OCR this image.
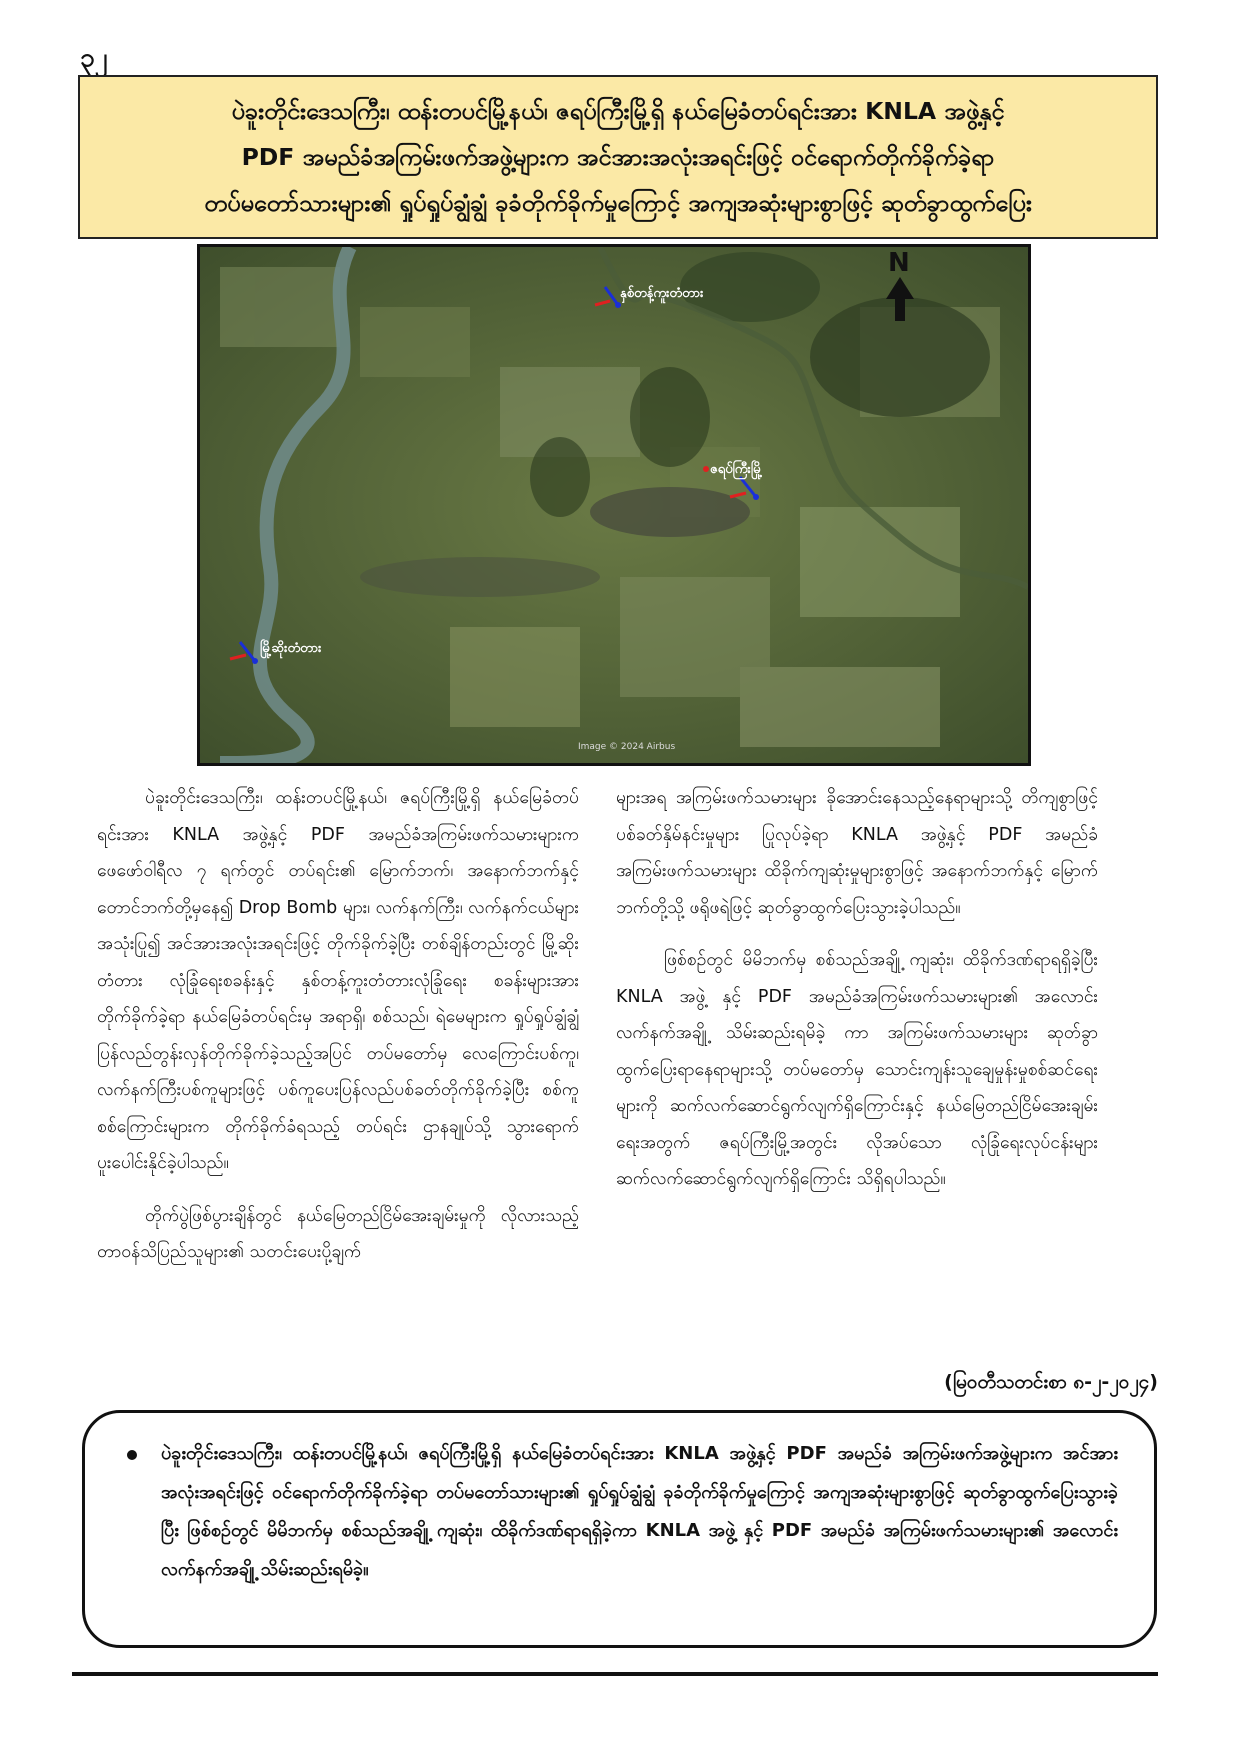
၃၂
ပဲခူးတိုင်းဒေသကြီး၊ ထန်းတပင်မြို့နယ်၊ ဇရပ်ကြီးမြို့ရှိ နယ်မြေခံတပ်ရင်းအား KNLA အဖွဲ့နှင့်
PDF အမည်ခံအကြမ်းဖက်အဖွဲ့များက အင်အားအလုံးအရင်းဖြင့် ဝင်ရောက်တိုက်ခိုက်ခဲ့ရာ
တပ်မတော်သားများ၏ ရှုပ်ရှုပ်ချွံချွံ ခုခံတိုက်ခိုက်မှုကြောင့် အကျအဆုံးများစွာဖြင့် ဆုတ်ခွာထွက်ပြေး
N
နှစ်တန့်ကူးတံတား
ဇရပ်ကြီးမြို့
မြို့ဆိုးတံတား
Image © 2024 Airbus

ပဲခူးတိုင်းဒေသကြီး၊ ထန်းတပင်မြို့နယ်၊ ဇရပ်ကြီးမြို့ရှိ နယ်မြေခံတပ်ရင်းအား KNLA အဖွဲ့နှင့် PDF အမည်ခံအကြမ်းဖက်သမားများက ဖေဖော်ဝါရီလ ၇ ရက်တွင် တပ်ရင်း၏ မြောက်ဘက်၊ အနောက်ဘက်နှင့်တောင်ဘက်တို့မှနေ၍ Drop Bomb များ၊ လက်နက်ကြီး၊ လက်နက်ငယ်များ အသုံးပြု၍ အင်အားအလုံးအရင်းဖြင့် တိုက်ခိုက်ခဲ့ပြီး တစ်ချိန်တည်းတွင် မြို့ဆိုးတံတား လုံခြုံရေးစခန်းနှင့် နှစ်တန့်ကူးတံတားလုံခြုံရေး စခန်းများအား တိုက်ခိုက်ခဲ့ရာ နယ်မြေခံတပ်ရင်းမှ အရာရှိ၊ စစ်သည်၊ ရဲမေများက ရှုပ်ရှုပ်ချွံချွံ ပြန်လည်တွန်းလှန်တိုက်ခိုက်ခဲ့သည့်အပြင် တပ်မတော်မှ လေကြောင်းပစ်ကူ၊ လက်နက်ကြီးပစ်ကူများဖြင့် ပစ်ကူပေးပြန်လည်ပစ်ခတ်တိုက်ခိုက်ခဲ့ပြီး စစ်ကူစစ်ကြောင်းများက တိုက်ခိုက်ခံရသည့် တပ်ရင်း ဌာနချုပ်သို့ သွားရောက်ပူးပေါင်းနိုင်ခဲ့ပါသည်။

တိုက်ပွဲဖြစ်ပွားချိန်တွင် နယ်မြေတည်ငြိမ်အေးချမ်းမှုကို လိုလားသည့် တာဝန်သိပြည်သူများ၏ သတင်းပေးပို့ချက်

များအရ အကြမ်းဖက်သမားများ ခိုအောင်းနေသည့်နေရာများသို့ တိကျစွာဖြင့်ပစ်ခတ်နှိမ်နင်းမှုများ ပြုလုပ်ခဲ့ရာ KNLA အဖွဲ့နှင့် PDF အမည်ခံ အကြမ်းဖက်သမားများ ထိခိုက်ကျဆုံးမှုများစွာဖြင့် အနောက်ဘက်နှင့် မြောက်ဘက်တို့သို့ ဖရိုဖရဲဖြင့် ဆုတ်ခွာထွက်ပြေးသွားခဲ့ပါသည်။

ဖြစ်စဉ်တွင် မိမိဘက်မှ စစ်သည်အချို့ ကျဆုံး၊ ထိခိုက်ဒဏ်ရာရရှိခဲ့ပြီး KNLA အဖွဲ့ နှင့် PDF အမည်ခံအကြမ်းဖက်သမားများ၏ အလောင်းလက်နက်အချို့ သိမ်းဆည်းရမိခဲ့ ကာ အကြမ်းဖက်သမားများ ဆုတ်ခွာထွက်ပြေးရာနေရာများသို့ တပ်မတော်မှ သောင်းကျန်းသူချေမှုန်းမှုစစ်ဆင်ရေးများကို ဆက်လက်ဆောင်ရွက်လျက်ရှိကြောင်းနှင့် နယ်မြေတည်ငြိမ်အေးချမ်းရေးအတွက် ဇရပ်ကြီးမြို့အတွင်း လိုအပ်သော လုံခြုံရေးလုပ်ငန်းများ ဆက်လက်ဆောင်ရွက်လျက်ရှိကြောင်း သိရှိရပါသည်။

(မြဝတီသတင်းစာ ၈-၂-၂၀၂၄)
ပဲခူးတိုင်းဒေသကြီး၊ ထန်းတပင်မြို့နယ်၊ ဇရပ်ကြီးမြို့ရှိ နယ်မြေခံတပ်ရင်းအား KNLA အဖွဲ့နှင့် PDF အမည်ခံ အကြမ်းဖက်အဖွဲ့များက အင်အားအလုံးအရင်းဖြင့် ဝင်ရောက်တိုက်ခိုက်ခဲ့ရာ တပ်မတော်သားများ၏ ရှုပ်ရှုပ်ချွံချွံ ခုခံတိုက်ခိုက်မှုကြောင့် အကျအဆုံးများစွာဖြင့် ဆုတ်ခွာထွက်ပြေးသွားခဲ့ပြီး ဖြစ်စဉ်တွင် မိမိဘက်မှ စစ်သည်အချို့ ကျဆုံး၊ ထိခိုက်ဒဏ်ရာရရှိခဲ့ကာ KNLA အဖွဲ့ နှင့် PDF အမည်ခံ အကြမ်းဖက်သမားများ၏ အလောင်းလက်နက်အချို့ သိမ်းဆည်းရမိခဲ့။
